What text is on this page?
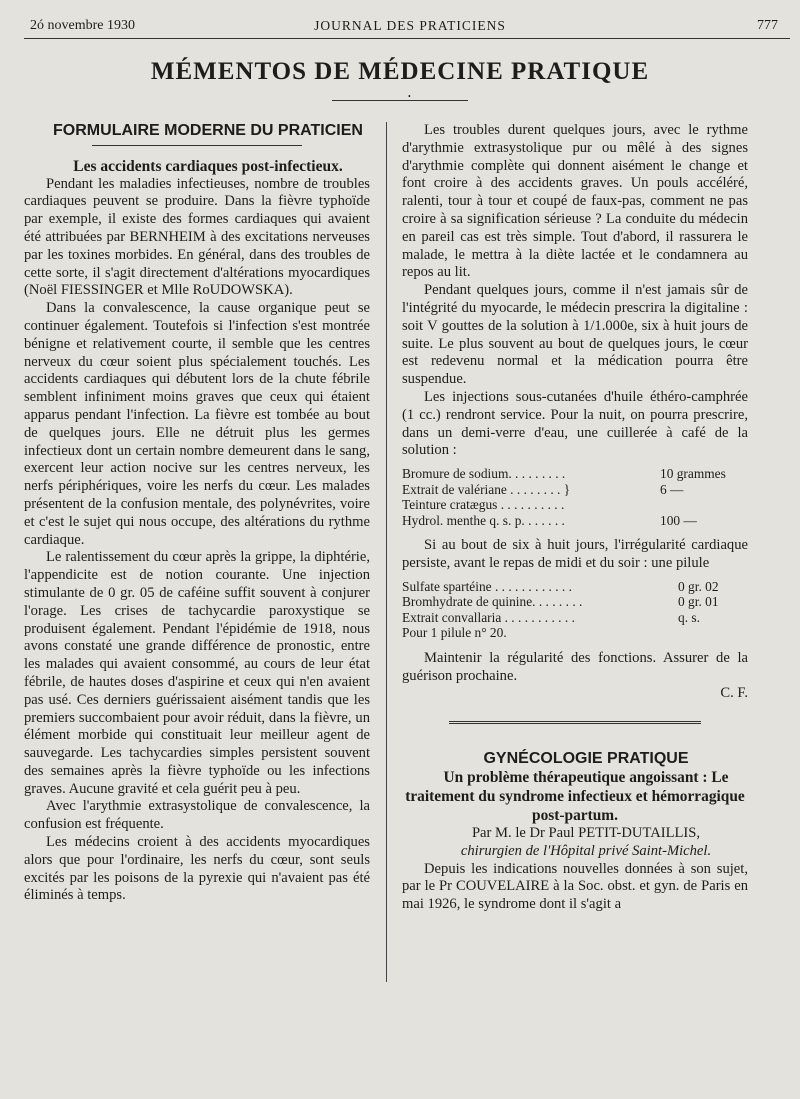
2ó novembre 1930	JOURNAL DES PRATICIENS	777
MÉMENTOS DE MÉDECINE PRATIQUE
•

FORMULAIRE MODERNE DU PRATICIEN

Les accidents cardiaques post-infectieux.

Pendant les maladies infectieuses, nombre de troubles cardiaques peuvent se produire. Dans la fièvre typhoïde par exemple, il existe des formes cardiaques qui avaient été attribuées par BERNHEIM à des excitations nerveuses par les toxines morbides. En général, dans des troubles de cette sorte, il s'agit directement d'altérations myocardiques (Noël FIESSINGER et Mlle RoUDOWSKA).

Dans la convalescence, la cause organique peut se continuer également. Toutefois si l'infection s'est montrée bénigne et relativement courte, il semble que les centres nerveux du cœur soient plus spécialement touchés. Les accidents cardiaques qui débutent lors de la chute fébrile semblent infiniment moins graves que ceux qui étaient apparus pendant l'infection. La fièvre est tombée au bout de quelques jours. Elle ne détruit plus les germes infectieux dont un certain nombre demeurent dans le sang, exercent leur action nocive sur les centres nerveux, les nerfs périphériques, voire les nerfs du cœur. Les malades présentent de la confusion mentale, des polynévrites, voire et c'est le sujet qui nous occupe, des altérations du rythme cardiaque.

Le ralentissement du cœur après la grippe, la diphtérie, l'appendicite est de notion courante. Une injection stimulante de 0 gr. 05 de caféine suffit souvent à conjurer l'orage. Les crises de tachycardie paroxystique se produisent également. Pendant l'épidémie de 1918, nous avons constaté une grande différence de pronostic, entre les malades qui avaient consommé, au cours de leur état fébrile, de hautes doses d'aspirine et ceux qui n'en avaient pas usé. Ces derniers guérissaient aisément tandis que les premiers succombaient pour avoir réduit, dans la fièvre, un élément morbide qui constituait leur meilleur agent de sauvegarde. Les tachycardies simples persistent souvent des semaines après la fièvre typhoïde ou les infections graves. Aucune gravité et cela guérit peu à peu.

Avec l'arythmie extrasystolique de convalescence, la confusion est fréquente.

Les médecins croient à des accidents myocardiques alors que pour l'ordinaire, les nerfs du cœur, sont seuls excités par les poisons de la pyrexie qui n'avaient pas été éliminés à temps.

Les troubles durent quelques jours, avec le rythme d'arythmie extrasystolique pur ou mêlé à des signes d'arythmie complète qui donnent aisément le change et font croire à des accidents graves. Un pouls accéléré, ralenti, tour à tour et coupé de faux-pas, comment ne pas croire à sa signification sérieuse ? La conduite du médecin en pareil cas est très simple. Tout d'abord, il rassurera le malade, le mettra à la diète lactée et le condamnera au repos au lit.

Pendant quelques jours, comme il n'est jamais sûr de l'intégrité du myocarde, le médecin prescrira la digitaline : soit V gouttes de la solution à 1/1.000e, six à huit jours de suite. Le plus souvent au bout de quelques jours, le cœur est redevenu normal et la médication pourra être suspendue.

Les injections sous-cutanées d'huile éthéro-camphrée (1 cc.) rendront service. Pour la nuit, on pourra prescrire, dans un demi-verre d'eau, une cuillerée à café de la solution :

Bromure de sodium. . . . . . . . .	10 grammes
Extrait de valériane . . . . . . . . }	6 —
Teinture cratægus . . . . . . . . . .
Hydrol. menthe q. s. p. . . . . . .	100 —

Si au bout de six à huit jours, l'irrégularité cardiaque persiste, avant le repas de midi et du soir : une pilule

Sulfate spartéine . . . . . . . . . . . .	0 gr. 02
Bromhydrate de quinine. . . . . . . .	0 gr. 01
Extrait convallaria . . . . . . . . . . .	q. s.
Pour 1 pilule n° 20.

Maintenir la régularité des fonctions. Assurer de la guérison prochaine.

C. F.

GYNÉCOLOGIE PRATIQUE

Un problème thérapeutique angoissant : Le traitement du syndrome infectieux et hémorragique post-partum.

Par M. le Dr Paul PETIT-DUTAILLIS,

chirurgien de l'Hôpital privé Saint-Michel.

Depuis les indications nouvelles données à son sujet, par le Pr COUVELAIRE à la Soc. obst. et gyn. de Paris en mai 1926, le syndrome dont il s'agit a
